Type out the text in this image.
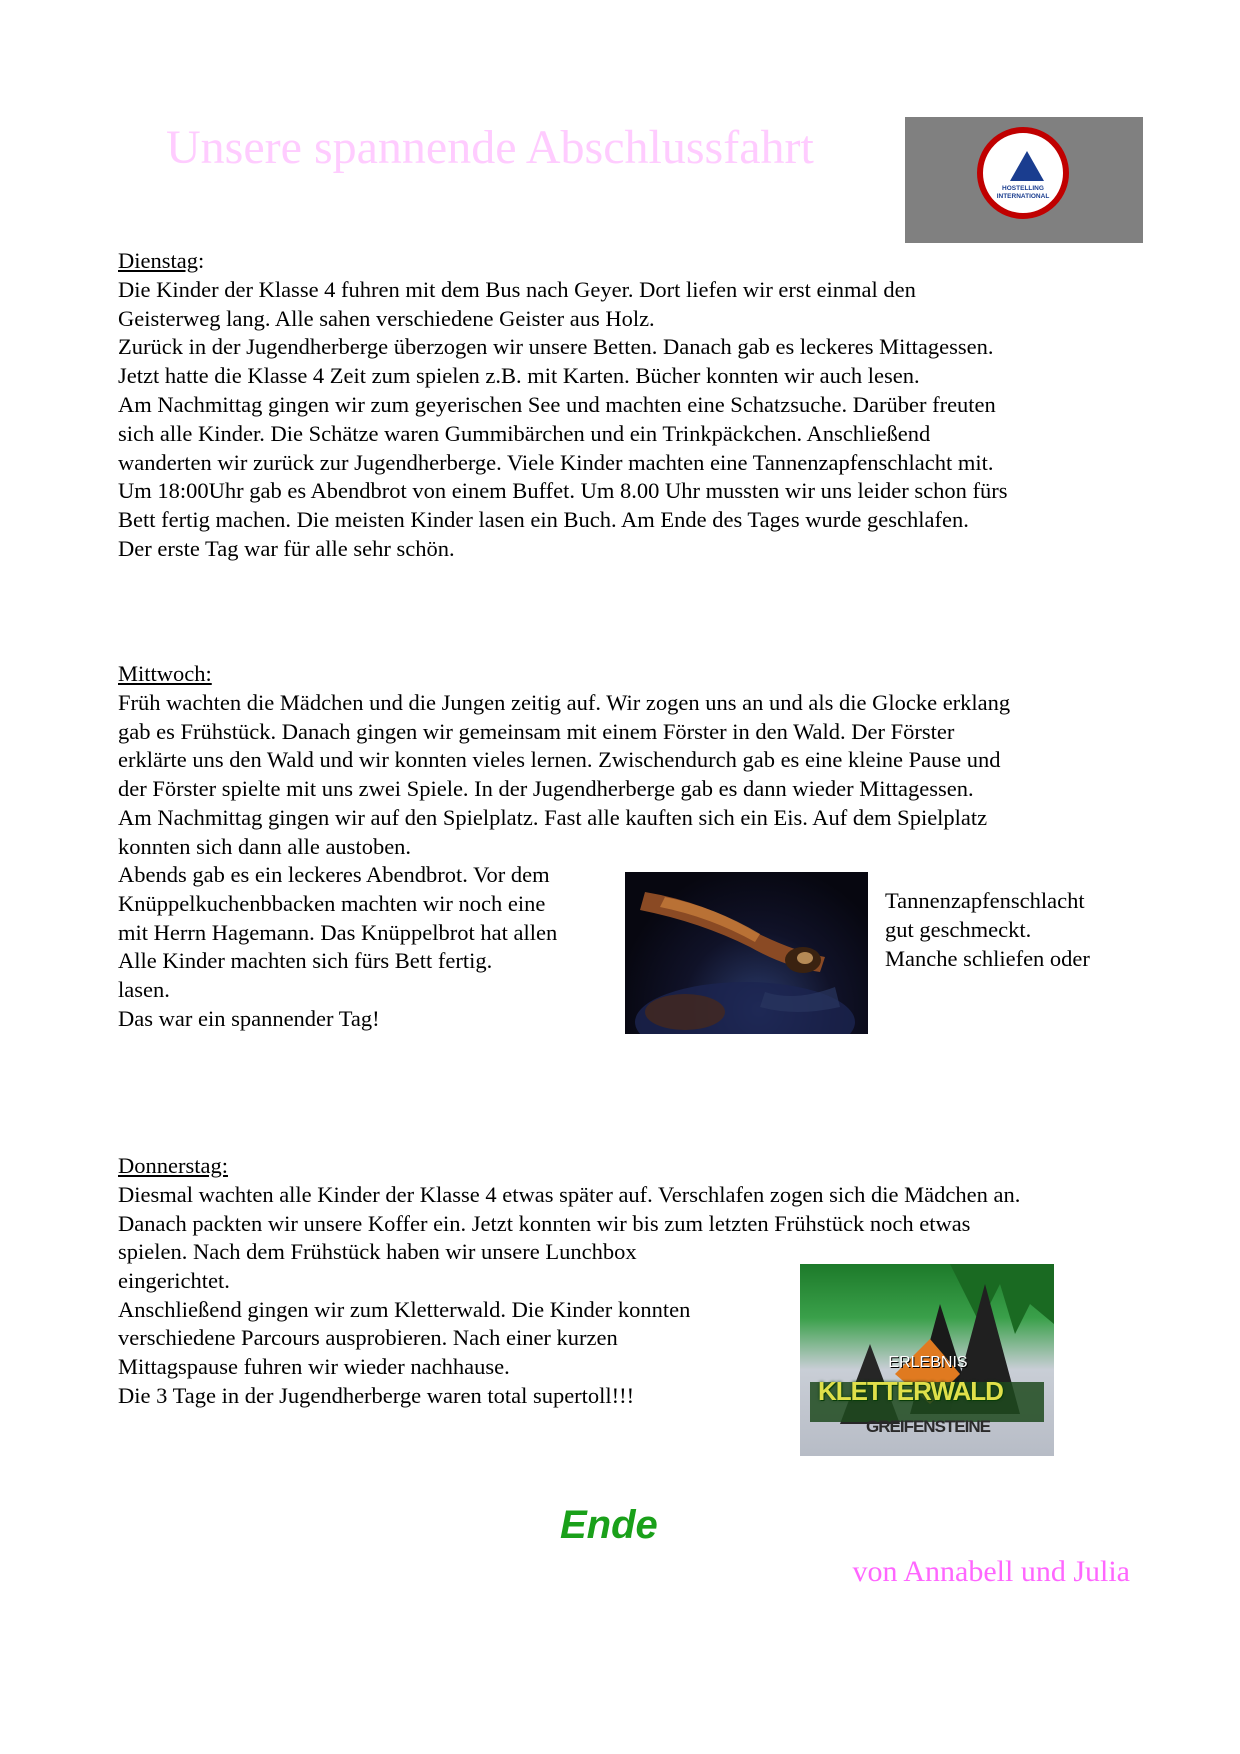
Unsere spannende Abschlussfahrt
HOSTELLING INTERNATIONAL

Dienstag:

Die Kinder der Klasse 4 fuhren mit dem Bus nach Geyer. Dort liefen wir erst einmal den

Geisterweg lang. Alle sahen verschiedene Geister aus Holz.

Zurück in der Jugendherberge überzogen wir unsere Betten. Danach gab es leckeres Mittagessen.

Jetzt hatte die Klasse 4 Zeit zum spielen z.B. mit Karten. Bücher konnten wir auch lesen.

Am Nachmittag gingen wir zum geyerischen See und machten eine Schatzsuche. Darüber freuten

sich alle Kinder. Die Schätze waren Gummibärchen und ein Trinkpäckchen. Anschließend

wanderten wir zurück zur Jugendherberge. Viele Kinder machten eine Tannenzapfenschlacht mit.

Um 18:00Uhr gab es Abendbrot von einem Buffet. Um 8.00 Uhr mussten wir uns leider schon fürs

Bett fertig machen. Die meisten Kinder lasen ein Buch. Am Ende des Tages wurde geschlafen.

Der erste Tag war für alle sehr schön.

Mittwoch:

Früh wachten die Mädchen und die Jungen zeitig auf. Wir zogen uns an und als die Glocke erklang

gab es Frühstück. Danach gingen wir gemeinsam mit einem Förster in den Wald. Der Förster

erklärte uns den Wald und wir konnten vieles lernen. Zwischendurch gab es eine kleine Pause und

der Förster spielte mit uns zwei Spiele. In der Jugendherberge gab es dann wieder Mittagessen.

Am Nachmittag gingen wir auf den Spielplatz. Fast alle kauften sich ein Eis. Auf dem Spielplatz

konnten sich dann alle austoben.

Abends gab es ein leckeres Abendbrot. Vor dem

Knüppelkuchenbbacken machten wir noch eine

mit Herrn Hagemann. Das Knüppelbrot hat allen

Alle Kinder machten sich fürs Bett fertig.

lasen.

Das war ein spannender Tag!

Tannenzapfenschlacht

gut geschmeckt.

Manche schliefen oder

Donnerstag:

Diesmal wachten alle Kinder der Klasse 4 etwas später auf. Verschlafen zogen sich die Mädchen an.

Danach packten wir unsere Koffer ein. Jetzt konnten wir bis zum letzten Frühstück noch etwas

spielen. Nach dem Frühstück haben wir unsere Lunchbox

eingerichtet.

Anschließend gingen wir zum Kletterwald. Die Kinder konnten

verschiedene Parcours ausprobieren. Nach einer kurzen

Mittagspause fuhren wir wieder nachhause.

Die 3 Tage in der Jugendherberge waren total supertoll!!!

ERLEBNIS
KLETTERWALD
GREIFENSTEINE
Ende
von Annabell und Julia
